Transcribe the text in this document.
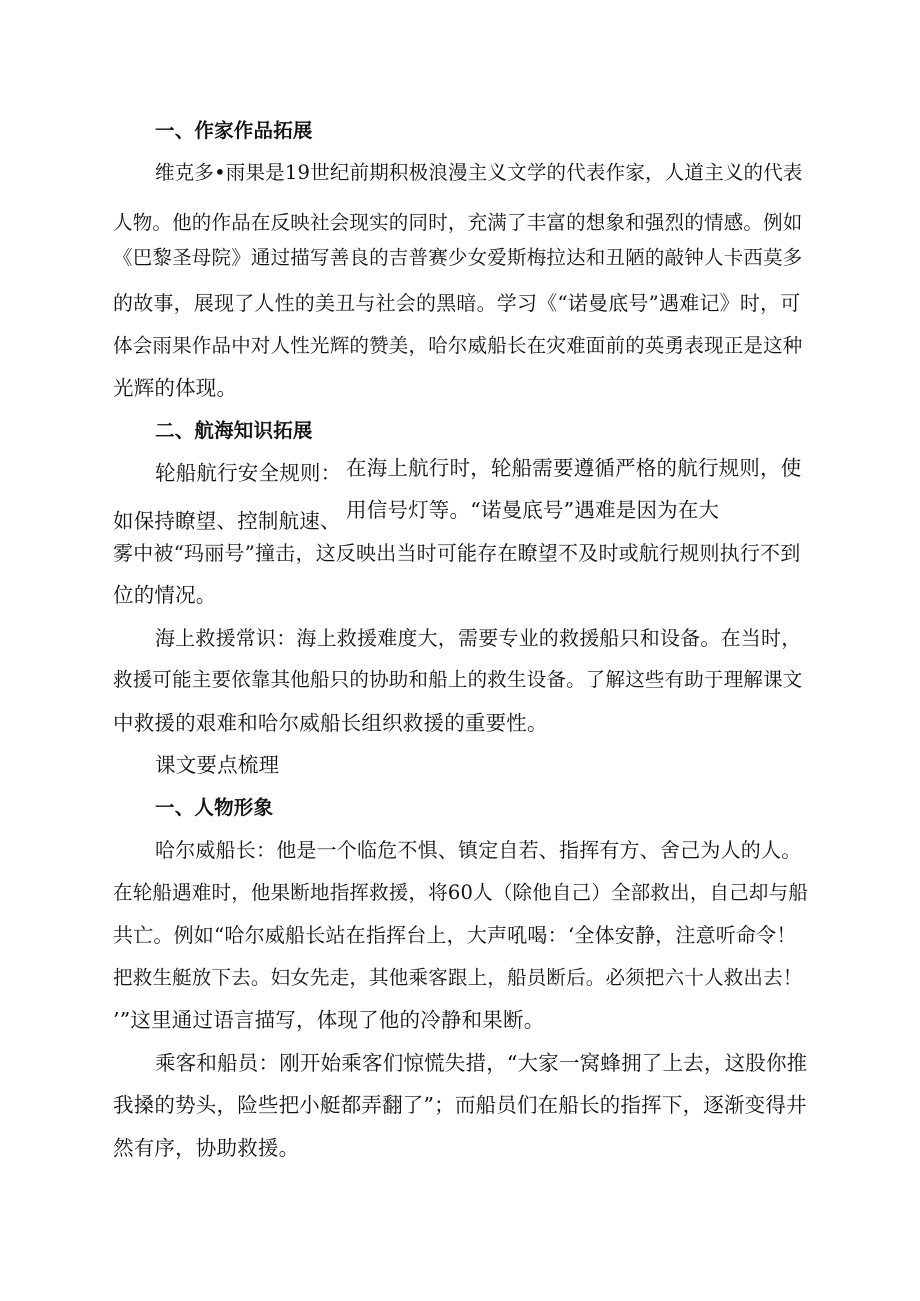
一、作家作品拓展
维克多•雨果是19世纪前期积极浪漫主义文学的代表作家，人道主义的代表
人物。他的作品在反映社会现实的同时，充满了丰富的想象和强烈的情感。例如
《巴黎圣母院》通过描写善良的吉普赛少女爱斯梅拉达和丑陋的敲钟人卡西莫多
的故事，展现了人性的美丑与社会的黑暗。学习《“诺曼底号”遇难记》时，可
体会雨果作品中对人性光辉的赞美，哈尔威船长在灾难面前的英勇表现正是这种
光辉的体现。
二、航海知识拓展
轮船航行安全规则： 在海上航行时，轮船需要遵循严格的航行规则，使
如保持瞭望、控制航速、 用信号灯等。“诺曼底号”遇难是因为在大
雾中被“玛丽号”撞击，这反映出当时可能存在瞭望不及时或航行规则执行不到
位的情况。
海上救援常识：海上救援难度大，需要专业的救援船只和设备。在当时，
救援可能主要依靠其他船只的协助和船上的救生设备。了解这些有助于理解课文
中救援的艰难和哈尔威船长组织救援的重要性。
课文要点梳理
一、人物形象
哈尔威船长：他是一个临危不惧、镇定自若、指挥有方、舍己为人的人。
在轮船遇难时，他果断地指挥救援，将60人（除他自己）全部救出，自己却与船
共亡。例如“哈尔威船长站在指挥台上，大声吼喝：‘全体安静，注意听命令！
把救生艇放下去。妇女先走，其他乘客跟上，船员断后。必须把六十人救出去！
’”这里通过语言描写，体现了他的冷静和果断。
乘客和船员：刚开始乘客们惊慌失措，“大家一窝蜂拥了上去，这股你推
我搡的势头，险些把小艇都弄翻了”；而船员们在船长的指挥下，逐渐变得井
然有序，协助救援。
